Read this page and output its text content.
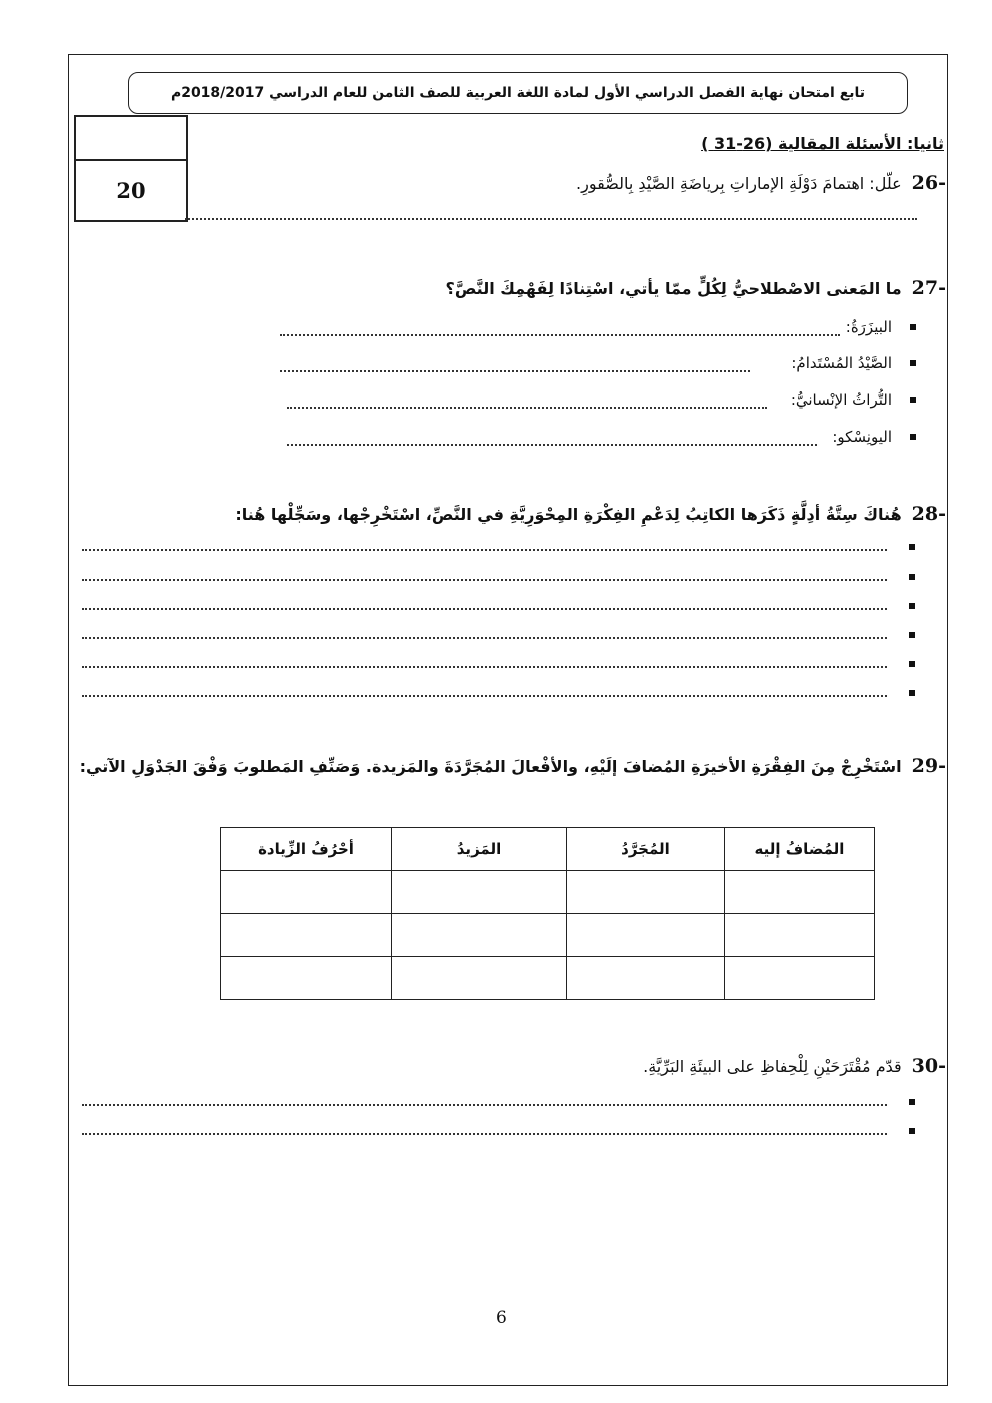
تابع امتحان نهاية الفصل الدراسي الأول لمادة اللغة العربية للصف الثامن للعام الدراسي 2018/2017م
20
ثانيا: الأسئلة المقالية (26-31 )
-26علّل: اهتمامَ دَوْلَةِ الإماراتِ بِرياضَةِ الصَّيْدِ بِالصُّقورِ.
-27ما المَعنى الاصْطلاحيُّ لِكُلٍّ ممّا يأتي، اسْتِنادًا لِفَهْمِكَ النَّصَّ؟
البيزَرَةُ:
الصَّيْدُ المُسْتَدامُ:
التُّراثُ الإنْسانيُّ:
اليونِسْكو:
-28هُناكَ سِتَّةُ أدِلَّةٍ ذَكَرَها الكاتِبُ لِدَعْمِ الفِكْرَةِ المِحْوَرِيَّةِ في النَّصِّ، اسْتَخْرِجْها، وسَجِّلْها هُنا:
-29اسْتَخْرِجْ مِنَ الفِقْرَةِ الأخيرَةِ المُضافَ إلَيْهِ، والأفْعالَ المُجَرَّدَةَ والمَزيدة. وَصَنِّفِ المَطلوبَ وَفْقَ الجَدْوَلِ الآتي:
المُضافُ إليه	المُجَرَّدُ	المَزيدُ	أحْرُفُ الزِّيادة

-30قدّم مُقْتَرَحَيْنِ لِلْحِفاظِ على البيئَةِ البَرِّيَّةِ.
6
